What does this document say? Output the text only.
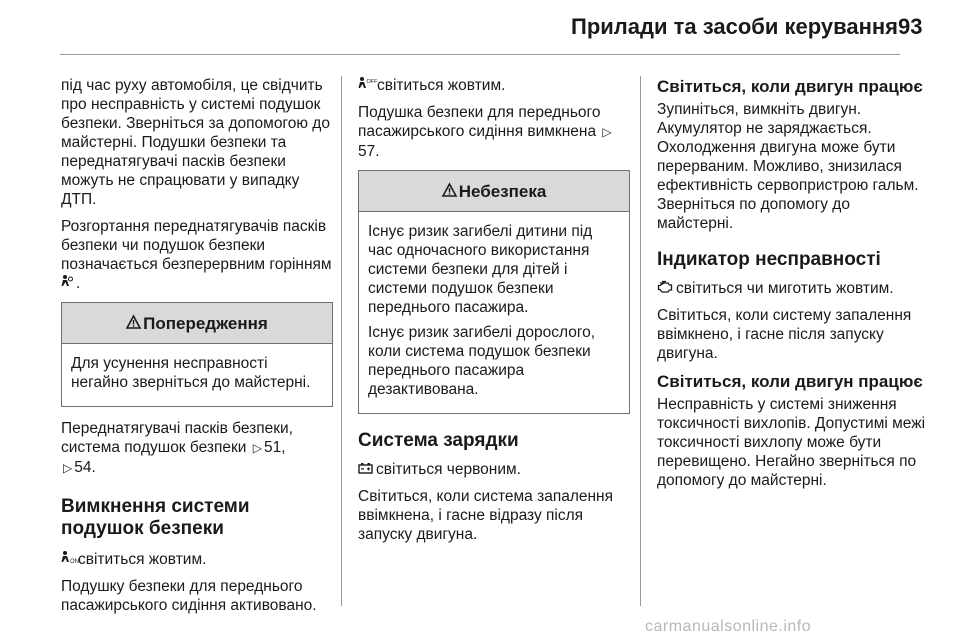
Прилади та засоби керування 93

під час руху автомобіля, це свідчить про несправність у системі подушок безпеки. Зверніться за допомогою до майстерні. Подушки безпеки та переднатягувачі пасків безпеки можуть не спрацювати у випадку ДТП.

Розгортання переднатягувачів пасків безпеки чи подушок безпеки позначається безперервним горінням .

Попередження

Для усунення несправності негайно зверніться до майстерні.

Переднатягувачі пасків безпеки, система подушок безпеки ▷ 51,
▷ 54.

Вимкнення системи подушок безпеки

ON світиться жовтим.

Подушку безпеки для переднього пасажирського сидіння активовано.

OFF світиться жовтим.

Подушка безпеки для переднього пасажирського сидіння вимкнена ▷57.

Небезпека

Існує ризик загибелі дитини під час одночасного використання системи безпеки для дітей і системи подушок безпеки переднього пасажира.

Існує ризик загибелі дорослого, коли система подушок безпеки переднього пасажира дезактивована.

Система зарядки

світиться червоним.

Світиться, коли система запалення ввімкнена, і гасне відразу після запуску двигуна.

Світиться, коли двигун працює

Зупиніться, вимкніть двигун. Акумулятор не заряджається. Охолодження двигуна може бути перерваним. Можливо, знизилася ефективність сервопристрою гальм. Зверніться по допомогу до майстерні.

Індикатор несправності

світиться чи миготить жовтим.

Світиться, коли систему запалення ввімкнено, і гасне після запуску двигуна.

Світиться, коли двигун працює

Несправність у системі зниження токсичності вихлопів. Допустимі межі токсичності вихлопу може бути перевищено. Негайно зверніться по допомогу до майстерні.

carmanualsonline.info
